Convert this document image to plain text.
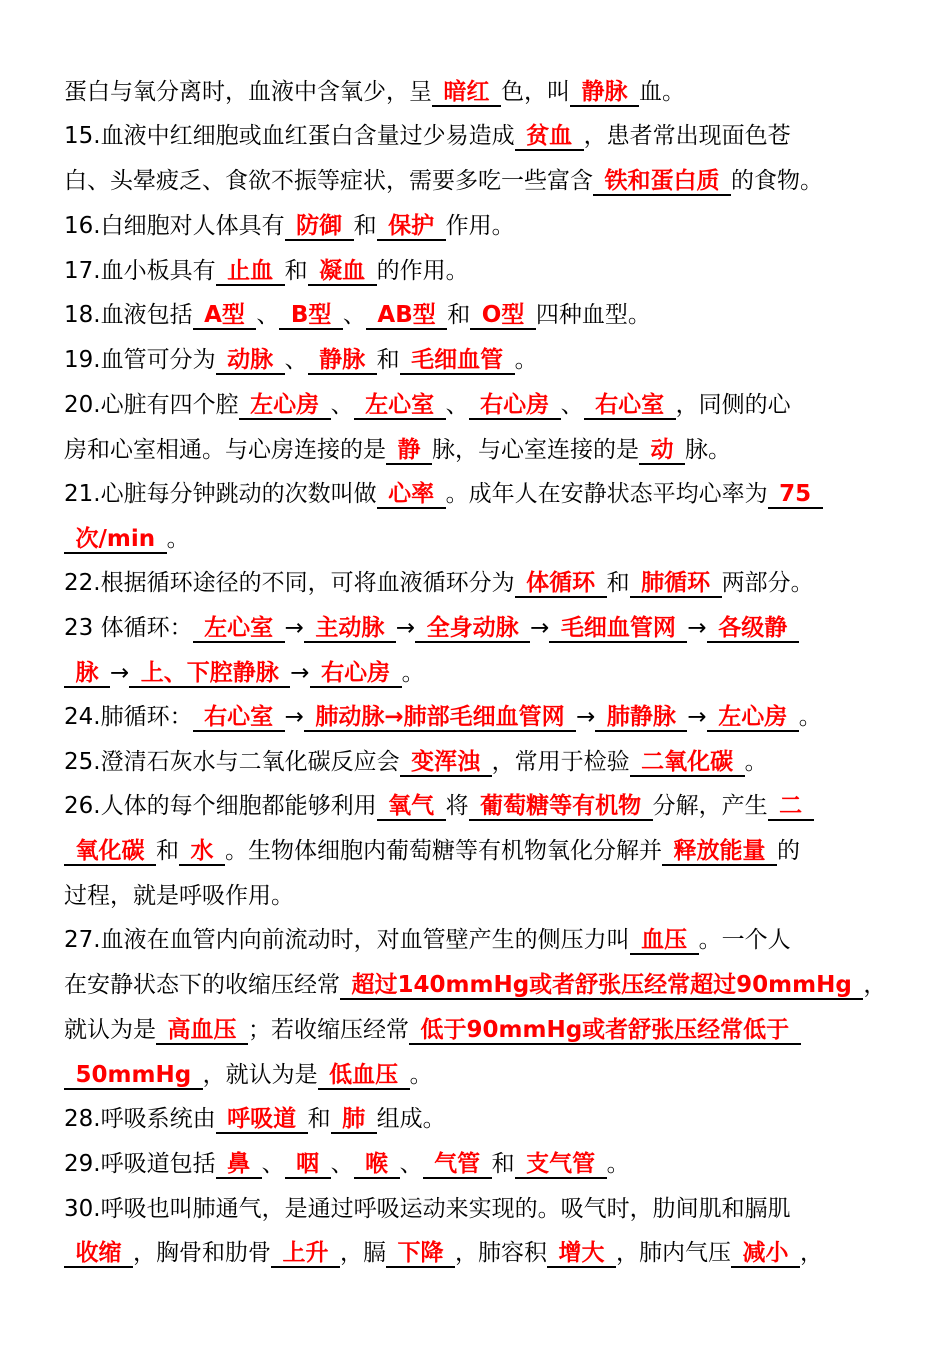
蛋白与氧分离时，血液中含氧少，呈 暗红 色，叫 静脉 血。
15.血液中红细胞或血红蛋白含量过少易造成 贫血 ，患者常出现面色苍
白、头晕疲乏、食欲不振等症状，需要多吃一些富含 铁和蛋白质 的食物。
16.白细胞对人体具有 防御 和 保护 作用。
17.血小板具有 止血 和 凝血 的作用。
18.血液包括 A型 、 B型 、 AB型 和 O型 四种血型。
19.血管可分为 动脉 、 静脉 和 毛细血管 。
20.心脏有四个腔 左心房 、 左心室 、 右心房 、 右心室 ，同侧的心
房和心室相通。与心房连接的是 静 脉，与心室连接的是 动 脉。
21.心脏每分钟跳动的次数叫做 心率 。成年人在安静状态平均心率为 75 
 次/min 。
22.根据循环途径的不同，可将血液循环分为 体循环 和 肺循环 两部分。
23 体循环： 左心室 → 主动脉 → 全身动脉 → 毛细血管网 → 各级静 
 脉 → 上、下腔静脉 → 右心房 。
24.肺循环： 右心室 → 肺动脉→肺部毛细血管网 → 肺静脉 → 左心房 。
25.澄清石灰水与二氧化碳反应会 变浑浊 ，常用于检验 二氧化碳 。
26.人体的每个细胞都能够利用 氧气 将 葡萄糖等有机物 分解，产生 二 
 氧化碳 和 水 。生物体细胞内葡萄糖等有机物氧化分解并 释放能量 的
过程，就是呼吸作用。
27.血液在血管内向前流动时，对血管壁产生的侧压力叫 血压 。一个人
在安静状态下的收缩压经常 超过140mmHg或者舒张压经常超过90mmHg ，
就认为是 高血压 ；若收缩压经常 低于90mmHg或者舒张压经常低于 
 50mmHg ，就认为是 低血压 。
28.呼吸系统由 呼吸道 和 肺 组成。
29.呼吸道包括 鼻 、 咽 、 喉 、 气管 和 支气管 。
30.呼吸也叫肺通气，是通过呼吸运动来实现的。吸气时，肋间肌和膈肌
 收缩 ，胸骨和肋骨 上升 ，膈 下降 ，肺容积 增大 ，肺内气压 减小 ，
